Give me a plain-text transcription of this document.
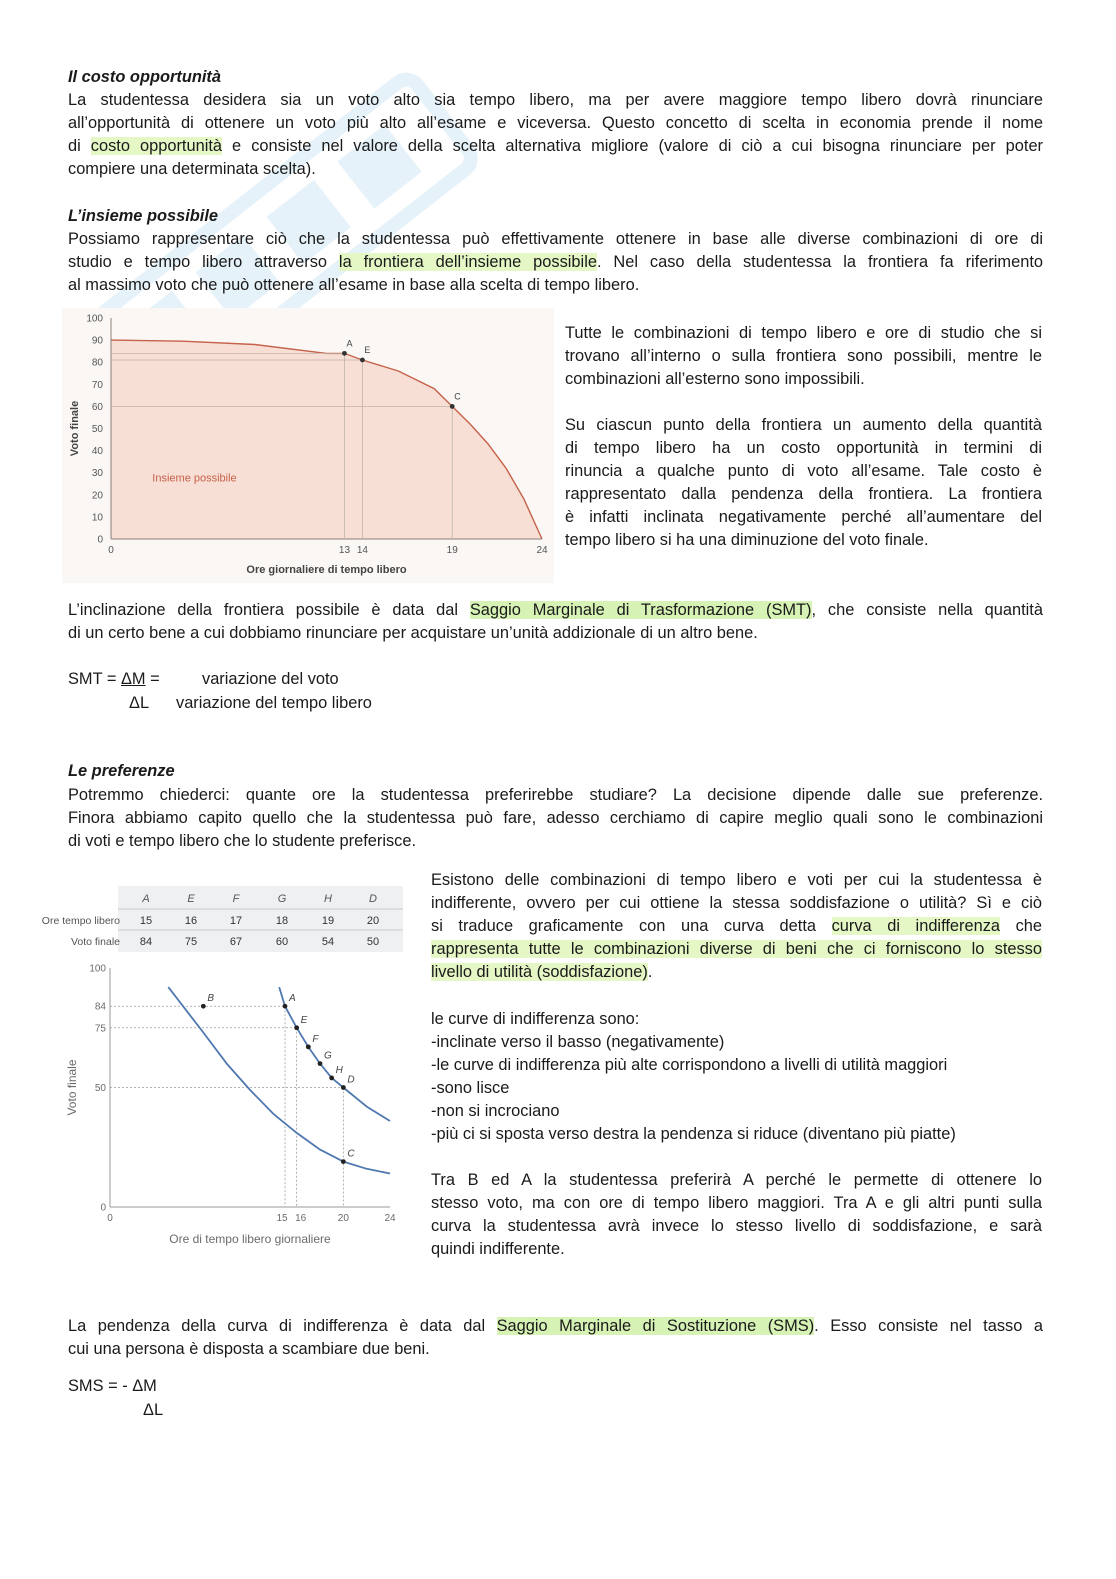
Il costo opportunità
La studentessa desidera sia un voto alto sia tempo libero, ma per avere maggiore tempo libero dovrà rinunciare
all’opportunità di ottenere un voto più alto all’esame e viceversa. Questo concetto di scelta in economia prende il nome
di costo opportunità e consiste nel valore della scelta alternativa migliore (valore di ciò a cui bisogna rinunciare per poter
compiere una determinata scelta).
L’insieme possibile
Possiamo rappresentare ciò che la studentessa può effettivamente ottenere in base alle diverse combinazioni di ore di
studio e tempo libero attraverso la frontiera dell’insieme possibile. Nel caso della studentessa la frontiera fa riferimento
al massimo voto che può ottenere all’esame in base alla scelta di tempo libero.
A
E
C
0
10
20
30
40
50
60
70
80
90
100
0	13 14	19	24
Ore giornaliere di tempo libero
Voto finale
Insieme possibile
Tutte le combinazioni di tempo libero e ore di studio che si
trovano all’interno o sulla frontiera sono possibili, mentre le
combinazioni all’esterno sono impossibili.
Su ciascun punto della frontiera un aumento della quantità
di tempo libero ha un costo opportunità in termini di
rinuncia a qualche punto di voto all’esame. Tale costo è
rappresentato dalla pendenza della frontiera. La frontiera
è infatti inclinata negativamente perché all’aumentare del
tempo libero si ha una diminuzione del voto finale.
L’inclinazione della frontiera possibile è data dal Saggio Marginale di Trasformazione (SMT), che consiste nella quantità
di un certo bene a cui dobbiamo rinunciare per acquistare un’unità addizionale di un altro bene.
SMT = ΔM =	variazione del voto
ΔL variazione del tempo libero
Le preferenze
Potremmo chiederci: quante ore la studentessa preferirebbe studiare? La decisione dipende dalle sue preferenze.
Finora abbiamo capito quello che la studentessa può fare, adesso cerchiamo di capire meglio quali sono le combinazioni
di voti e tempo libero che lo studente preferisce.
A	E	F	G	H	D
Ore tempo libero 15	16	17	18	19	20
Voto finale 84	75	67	60	54	50
B	A
E
F
G
H
D
C
0
50
75
84
100
0	15 16	20	24
Ore di tempo libero giornaliere
Voto finale
Esistono delle combinazioni di tempo libero e voti per cui la studentessa è
indifferente, ovvero per cui ottiene la stessa soddisfazione o utilità? Sì e ciò
si traduce graficamente con una curva detta curva di indifferenza che
rappresenta tutte le combinazioni diverse di beni che ci forniscono lo stesso
livello di utilità (soddisfazione).
le curve di indifferenza sono:
-inclinate verso il basso (negativamente)
-le curve di indifferenza più alte corrispondono a livelli di utilità maggiori
-sono lisce
-non si incrociano
-più ci si sposta verso destra la pendenza si riduce (diventano più piatte)
Tra B ed A la studentessa preferirà A perché le permette di ottenere lo
stesso voto, ma con ore di tempo libero maggiori. Tra A e gli altri punti sulla
curva la studentessa avrà invece lo stesso livello di soddisfazione, e sarà
quindi indifferente.
La pendenza della curva di indifferenza è data dal Saggio Marginale di Sostituzione (SMS). Esso consiste nel tasso a
cui una persona è disposta a scambiare due beni.
SMS = - ΔM
ΔL
